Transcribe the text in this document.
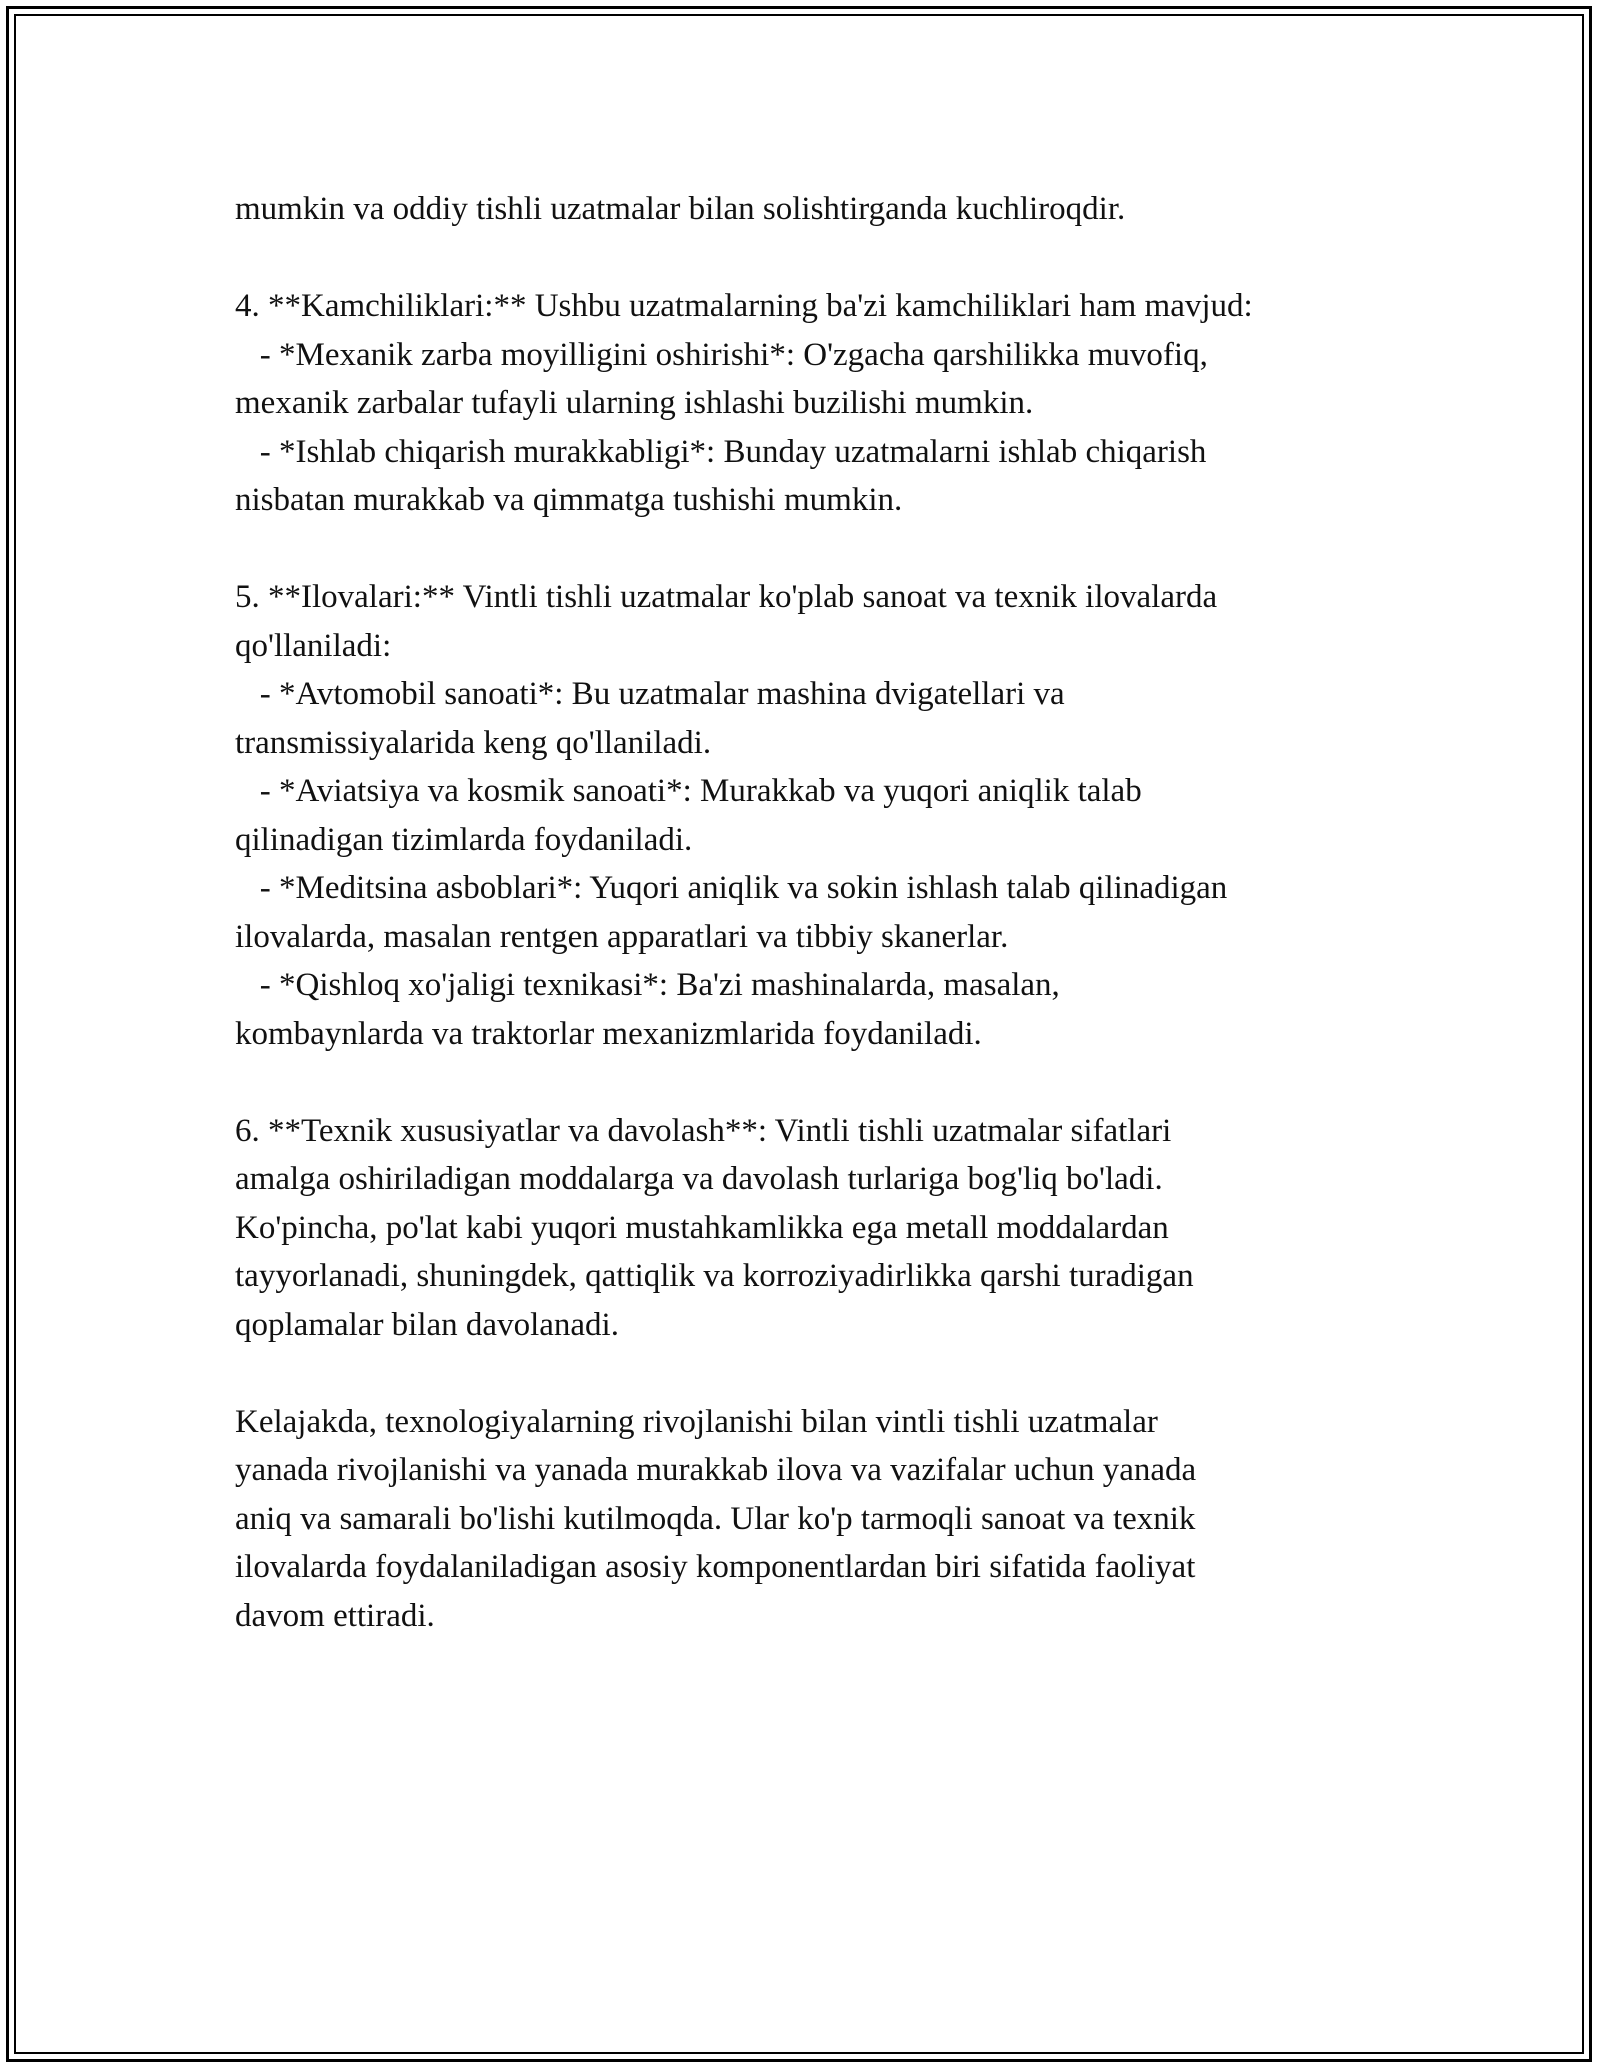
mumkin va oddiy tishli uzatmalar bilan solishtirganda kuchliroqdir.
4. **Kamchiliklari:** Ushbu uzatmalarning ba'zi kamchiliklari ham mavjud:
- *Mexanik zarba moyilligini oshirishi*: O'zgacha qarshilikka muvofiq,
mexanik zarbalar tufayli ularning ishlashi buzilishi mumkin.
- *Ishlab chiqarish murakkabligi*: Bunday uzatmalarni ishlab chiqarish
nisbatan murakkab va qimmatga tushishi mumkin.
5. **Ilovalari:** Vintli tishli uzatmalar ko'plab sanoat va texnik ilovalarda
qo'llaniladi:
- *Avtomobil sanoati*: Bu uzatmalar mashina dvigatellari va
transmissiyalarida keng qo'llaniladi.
- *Aviatsiya va kosmik sanoati*: Murakkab va yuqori aniqlik talab
qilinadigan tizimlarda foydaniladi.
- *Meditsina asboblari*: Yuqori aniqlik va sokin ishlash talab qilinadigan
ilovalarda, masalan rentgen apparatlari va tibbiy skanerlar.
- *Qishloq xo'jaligi texnikasi*: Ba'zi mashinalarda, masalan,
kombaynlarda va traktorlar mexanizmlarida foydaniladi.
6. **Texnik xususiyatlar va davolash**: Vintli tishli uzatmalar sifatlari
amalga oshiriladigan moddalarga va davolash turlariga bog'liq bo'ladi.
Ko'pincha, po'lat kabi yuqori mustahkamlikka ega metall moddalardan
tayyorlanadi, shuningdek, qattiqlik va korroziyadirlikka qarshi turadigan
qoplamalar bilan davolanadi.
Kelajakda, texnologiyalarning rivojlanishi bilan vintli tishli uzatmalar
yanada rivojlanishi va yanada murakkab ilova va vazifalar uchun yanada
aniq va samarali bo'lishi kutilmoqda. Ular ko'p tarmoqli sanoat va texnik
ilovalarda foydalaniladigan asosiy komponentlardan biri sifatida faoliyat
davom ettiradi.
